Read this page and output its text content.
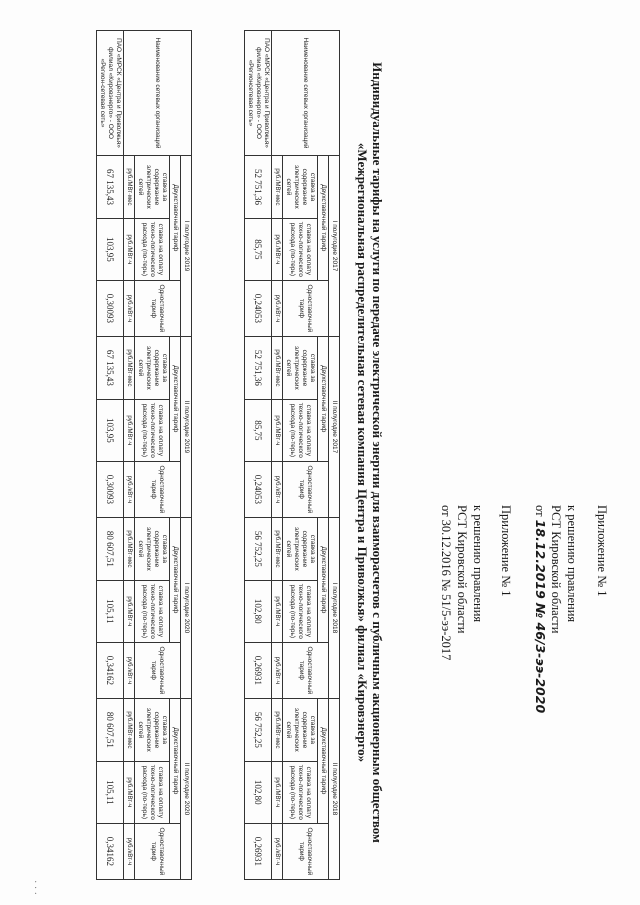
Приложение № 1
к решению правления
РСТ Кировской области
от 18.12.2019 № 46/3-ээ-2020
Приложение № 1
к решению правления
РСТ Кировской области
от 30.12.2016 № 51/5-ээ-2017
Индивидуальные тарифы на услуги по передаче электрической энергии для взаиморасчетов с публичным акционерным обществом
«Межрегиональная распределительная сетевая компания Центра и Приволжья» филиал «Кировэнерго»
Наименование сетевых организаций	I полугодие 2017			II полугодие 2017			I полугодие 2018			II полугодие 2018		
	Двухставочный тариф		Одноставочный тариф	Двухставочный тариф		Одноставочный тариф	Двухставочный тариф		Одноставочный тариф	Двухставочный тариф		Одноставочный тариф
	ставка за содержание электрических сетей	ставка на оплату техно-логического расхода (по-терь)		ставка за содержание электрических сетей	ставка на оплату техно-логического расхода (по-терь)		ставка за содержание электрических сетей	ставка на оплату техно-логического расхода (по-терь)		ставка за содержание электрических сетей	ставка на оплату техно-логического расхода (по-терь)	
	руб./МВт·мес	руб./МВт·ч	руб./кВт·ч	руб./МВт·мес	руб./МВт·ч	руб./кВт·ч	руб./МВт·мес	руб./МВт·ч	руб./кВт·ч	руб./МВт·мес	руб./МВт·ч	руб./кВт·ч
ПАО «МРСК «Центра и Приволжья» филиал «Кировэнерго» - ООО «Регионсетевая сеть»	52 751,36	85,75	0,24053	52 751,36	85,75	0,24053	56 752,25	102,80	0,26931	56 752,25	102,80	0,26931
Наименование сетевых организаций	I полугодие 2019			II полугодие 2019			I полугодие 2020			II полугодие 2020		
	Двухставочный тариф		Одноставочный тариф	Двухставочный тариф		Одноставочный тариф	Двухставочный тариф		Одноставочный тариф	Двухставочный тариф		Одноставочный тариф
	ставка за содержание электрических сетей	ставка на оплату техно-логического расхода (по-терь)		ставка за содержание электрических сетей	ставка на оплату техно-логического расхода (по-терь)		ставка за содержание электрических сетей	ставка на оплату техно-логического расхода (по-терь)		ставка за содержание электрических сетей	ставка на оплату техно-логического расхода (по-терь)	
	руб./МВт·мес	руб./МВт·ч	руб./кВт·ч	руб./МВт·мес	руб./МВт·ч	руб./кВт·ч	руб./МВт·мес	руб./МВт·ч	руб./кВт·ч	руб./МВт·мес	руб./МВт·ч	руб./кВт·ч
ПАО «МРСК «Центра и Приволжья» филиал «Кировэнерго» - ООО «Регион-сетевая сеть»	67 135,43	103,95	0,30093	67 135,43	103,95	0,30093	80 607,51	105,11	0,34162	80 607,51	105,11	0,34162
· · ·
